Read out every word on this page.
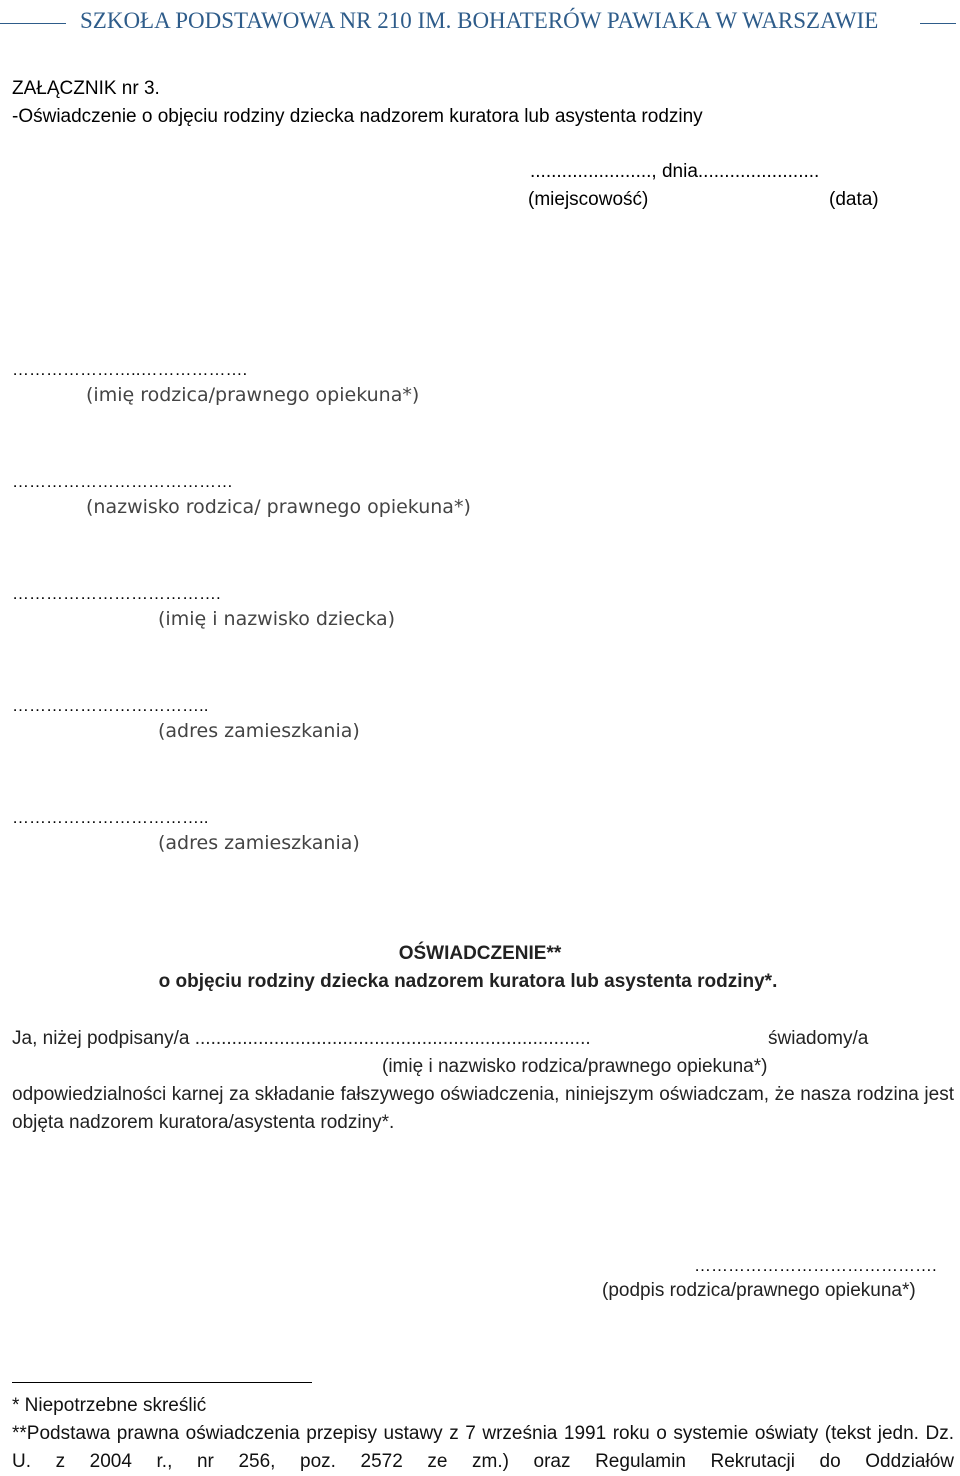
SZKOŁA PODSTAWOWA NR 210 IM. BOHATERÓW PAWIAKA W WARSZAWIE
ZAŁĄCZNIK nr 3.
-Oświadczenie o objęciu rodziny dziecka nadzorem kuratora lub asystenta rodziny
......................., dnia.......................
(miejscowość)	(data)
…………………..……………….
(imię rodzica/prawnego opiekuna*)
…………………………………
(nazwisko rodzica/ prawnego opiekuna*)
……………………………….
(imię i nazwisko dziecka)
……………………………..
(adres zamieszkania)
……………………………..
(adres zamieszkania)
OŚWIADCZENIE**
o objęciu rodziny dziecka nadzorem kuratora lub asystenta rodziny*.
Ja, niżej podpisany/a ...........................................................................	świadomy/a
(imię i nazwisko rodzica/prawnego opiekuna*)
odpowiedzialności karnej za składanie fałszywego oświadczenia, niniejszym oświadczam, że nasza rodzina jest objęta nadzorem kuratora/asystenta rodziny*.
…………………………………….
(podpis rodzica/prawnego opiekuna*)
* Niepotrzebne skreślić
**Podstawa prawna oświadczenia przepisy ustawy z 7 września 1991 roku o systemie oświaty (tekst jedn. Dz. U. z 2004 r., nr 256, poz. 2572 ze zm.) oraz Regulamin Rekrutacji do Oddziałów
